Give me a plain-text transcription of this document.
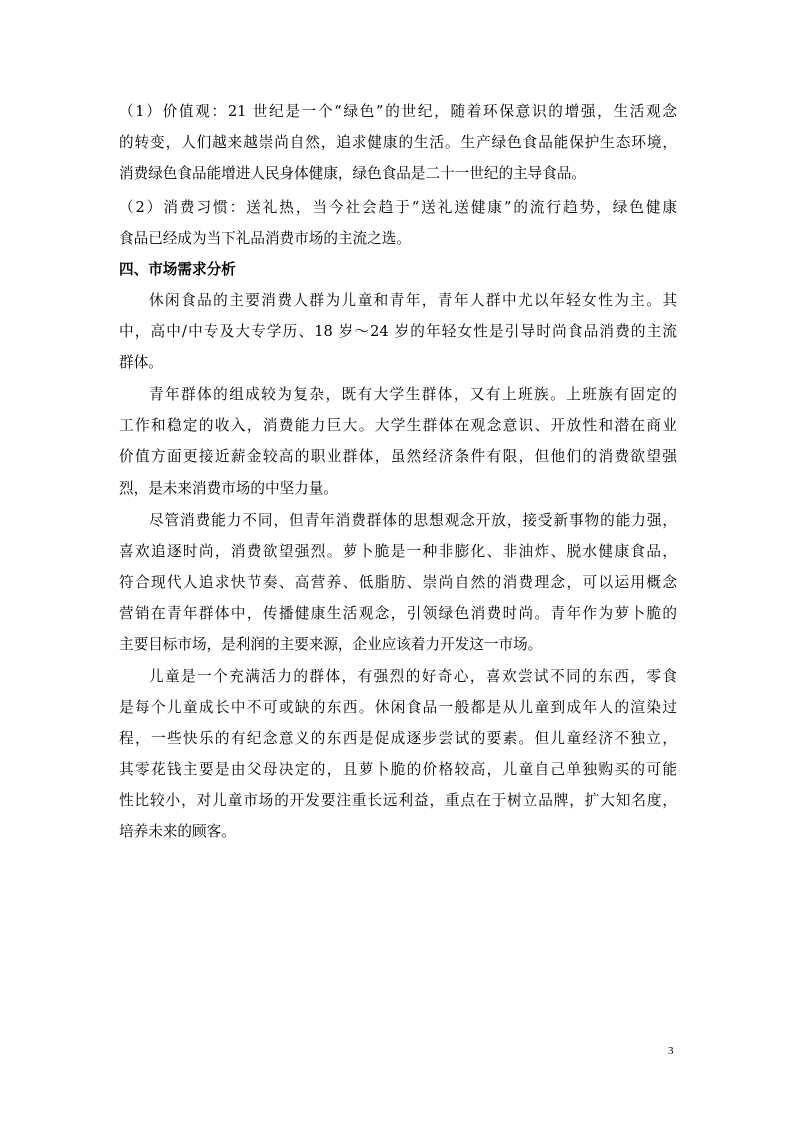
（1）价值观：21 世纪是一个“绿色”的世纪，随着环保意识的增强，生活观念
的转变，人们越来越崇尚自然，追求健康的生活。生产绿色食品能保护生态环境，
消费绿色食品能增进人民身体健康，绿色食品是二十一世纪的主导食品。
（2）消费习惯：送礼热，当今社会趋于“送礼送健康”的流行趋势，绿色健康
食品已经成为当下礼品消费市场的主流之选。
四、市场需求分析
休闲食品的主要消费人群为儿童和青年，青年人群中尤以年轻女性为主。其
中，高中/中专及大专学历、18 岁～24 岁的年轻女性是引导时尚食品消费的主流
群体。
青年群体的组成较为复杂，既有大学生群体，又有上班族。上班族有固定的
工作和稳定的收入，消费能力巨大。大学生群体在观念意识、开放性和潜在商业
价值方面更接近薪金较高的职业群体，虽然经济条件有限，但他们的消费欲望强
烈，是未来消费市场的中坚力量。
尽管消费能力不同，但青年消费群体的思想观念开放，接受新事物的能力强，
喜欢追逐时尚，消费欲望强烈。萝卜脆是一种非膨化、非油炸、脱水健康食品，
符合现代人追求快节奏、高营养、低脂肪、崇尚自然的消费理念，可以运用概念
营销在青年群体中，传播健康生活观念，引领绿色消费时尚。青年作为萝卜脆的
主要目标市场，是利润的主要来源，企业应该着力开发这一市场。
儿童是一个充满活力的群体，有强烈的好奇心，喜欢尝试不同的东西，零食
是每个儿童成长中不可或缺的东西。休闲食品一般都是从儿童到成年人的渲染过
程，一些快乐的有纪念意义的东西是促成逐步尝试的要素。但儿童经济不独立，
其零花钱主要是由父母决定的，且萝卜脆的价格较高，儿童自己单独购买的可能
性比较小，对儿童市场的开发要注重长远利益，重点在于树立品牌，扩大知名度，
培养未来的顾客。
3
